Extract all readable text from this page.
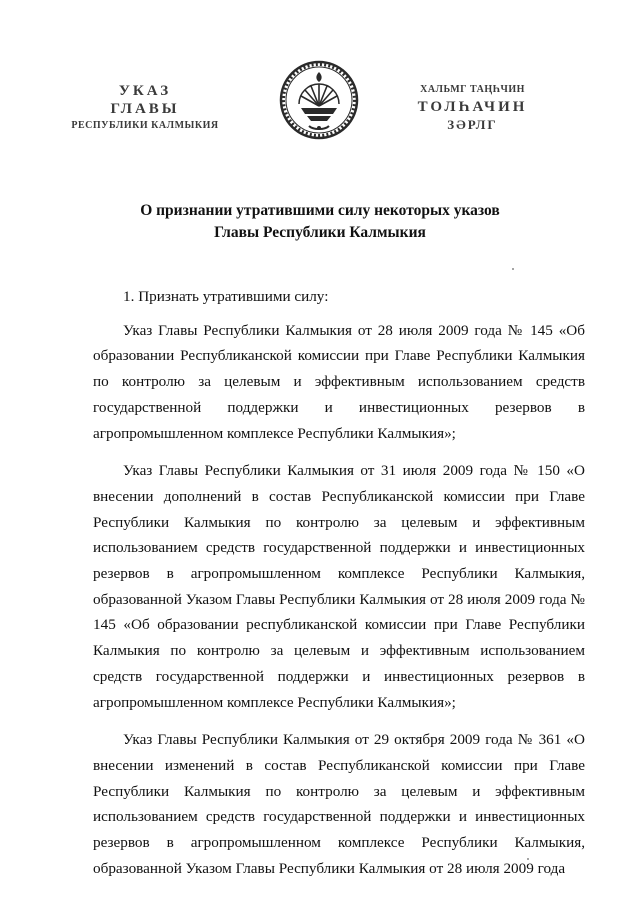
УКАЗ
ГЛАВЫ
РЕСПУБЛИКИ КАЛМЫКИЯ
ХАЛЬМГ ТАҢҺЧИН
ТОЛҺАЧИН
ЗӘРЛГ
О признании утратившими силу некоторых указов
Главы Республики Калмыкия

1. Признать утратившими силу:

Указ Главы Республики Калмыкия от 28 июля 2009 года № 145 «Об образовании Республиканской комиссии при Главе Республики Калмыкия по контролю за целевым и эффективным использованием средств государственной поддержки и инвестиционных резервов в агропромышленном комплексе Республики Калмыкия»;

Указ Главы Республики Калмыкия от 31 июля 2009 года № 150 «О внесении дополнений в состав Республиканской комиссии при Главе Республики Калмыкия по контролю за целевым и эффективным использованием средств государственной поддержки и инвестиционных резервов в агропромышленном комплексе Республики Калмыкия, образованной Указом Главы Республики Калмыкия от 28 июля 2009 года № 145 «Об образовании республиканской комиссии при Главе Республики Калмыкия по контролю за целевым и эффективным использованием средств государственной поддержки и инвестиционных резервов в агропромышленном комплексе Республики Калмыкия»;

Указ Главы Республики Калмыкия от 29 октября 2009 года № 361 «О внесении изменений в состав Республиканской комиссии при Главе Республики Калмыкия по контролю за целевым и эффективным использованием средств государственной поддержки и инвестиционных резервов в агропромышленном комплексе Республики Калмыкия, образованной Указом Главы Республики Калмыкия от 28 июля 2009 года
